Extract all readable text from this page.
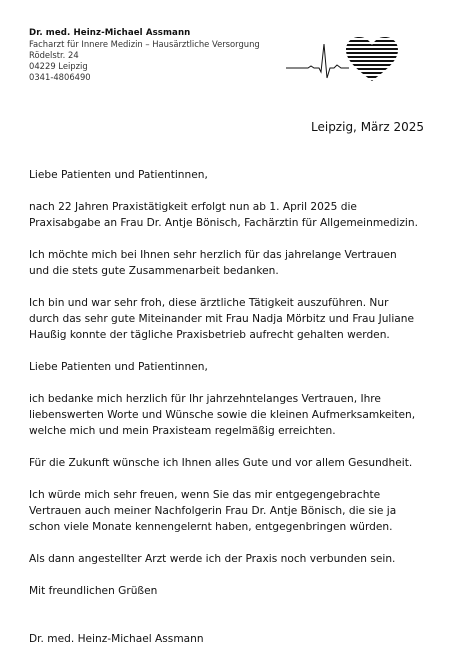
Dr. med. Heinz-Michael Assmann
Facharzt für Innere Medizin – Hausärztliche Versorgung
Rödelstr. 24
04229 Leipzig
0341-4806490
Leipzig, März 2025

Liebe Patienten und Patientinnen,

nach 22 Jahren Praxistätigkeit erfolgt nun ab 1. April 2025 die
Praxisabgabe an Frau Dr. Antje Bönisch, Fachärztin für Allgemeinmedizin.

Ich möchte mich bei Ihnen sehr herzlich für das jahrelange Vertrauen
und die stets gute Zusammenarbeit bedanken.

Ich bin und war sehr froh, diese ärztliche Tätigkeit auszuführen. Nur
durch das sehr gute Miteinander mit Frau Nadja Mörbitz und Frau Juliane
Haußig konnte der tägliche Praxisbetrieb aufrecht gehalten werden.

Liebe Patienten und Patientinnen,

ich bedanke mich herzlich für Ihr jahrzehntelanges Vertrauen, Ihre
liebenswerten Worte und Wünsche sowie die kleinen Aufmerksamkeiten,
welche mich und mein Praxisteam regelmäßig erreichten.

Für die Zukunft wünsche ich Ihnen alles Gute und vor allem Gesundheit.

Ich würde mich sehr freuen, wenn Sie das mir entgegengebrachte
Vertrauen auch meiner Nachfolgerin Frau Dr. Antje Bönisch, die sie ja
schon viele Monate kennengelernt haben, entgegenbringen würden.

Als dann angestellter Arzt werde ich der Praxis noch verbunden sein.

Mit freundlichen Grüßen

Dr. med. Heinz-Michael Assmann
